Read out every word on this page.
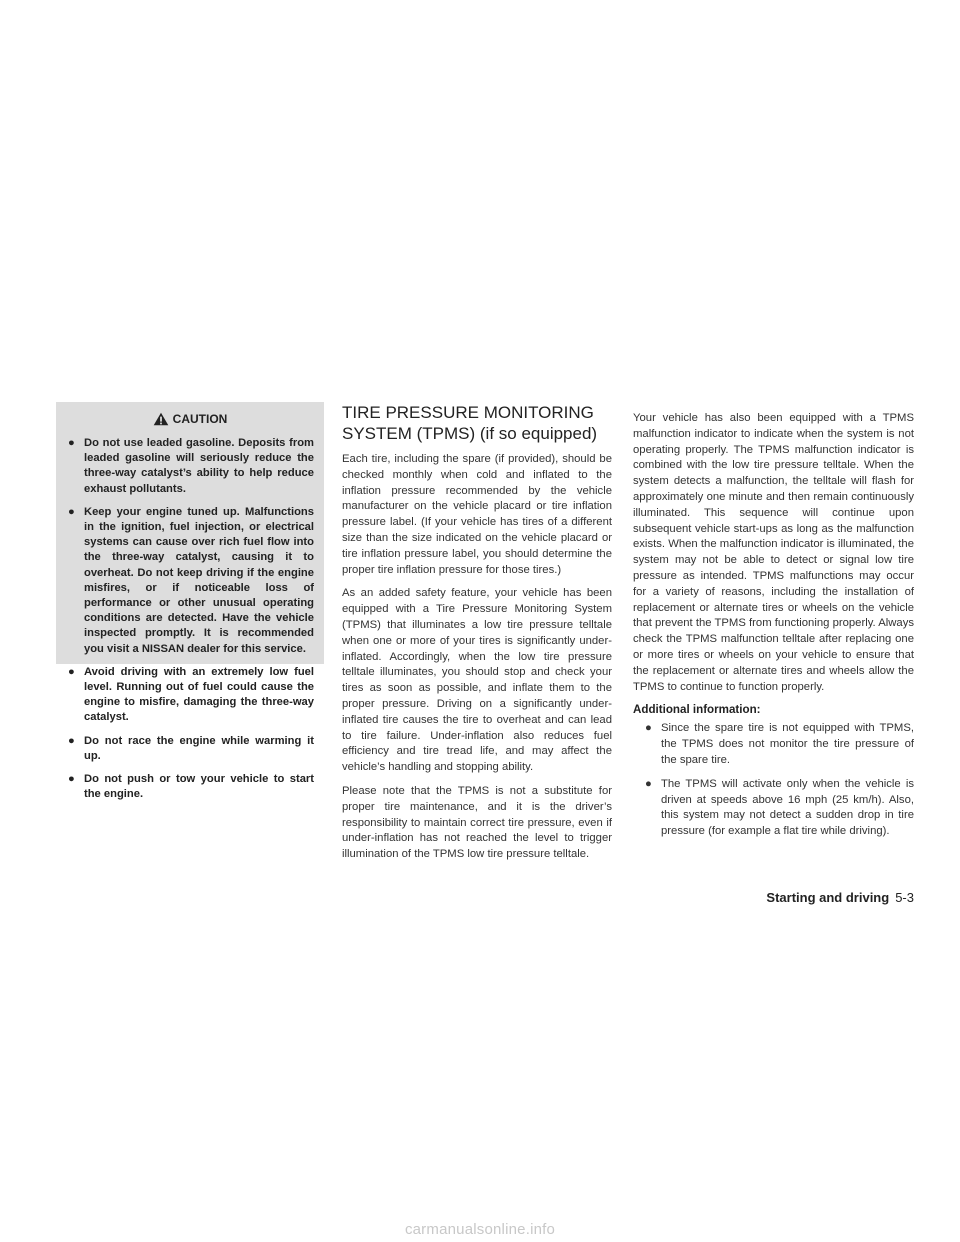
CAUTION
● Do not use leaded gasoline. Deposits from leaded gasoline will seriously reduce the three-way catalyst’s ability to help reduce exhaust pollutants.
● Keep your engine tuned up. Malfunctions in the ignition, fuel injection, or electrical systems can cause over rich fuel flow into the three-way catalyst, causing it to overheat. Do not keep driving if the engine misfires, or if noticeable loss of performance or other unusual operating conditions are detected. Have the vehicle inspected promptly. It is recommended you visit a NISSAN dealer for this service.
● Avoid driving with an extremely low fuel level. Running out of fuel could cause the engine to misfire, damaging the three-way catalyst.
● Do not race the engine while warming it up.
● Do not push or tow your vehicle to start the engine.
TIRE PRESSURE MONITORING SYSTEM (TPMS) (if so equipped)

Each tire, including the spare (if provided), should be checked monthly when cold and inflated to the inflation pressure recommended by the vehicle manufacturer on the vehicle placard or tire inflation pressure label. (If your vehicle has tires of a different size than the size indicated on the vehicle placard or tire inflation pressure label, you should determine the proper tire inflation pressure for those tires.)

As an added safety feature, your vehicle has been equipped with a Tire Pressure Monitoring System (TPMS) that illuminates a low tire pressure telltale when one or more of your tires is significantly under-inflated. Accordingly, when the low tire pressure telltale illuminates, you should stop and check your tires as soon as possible, and inflate them to the proper pressure. Driving on a significantly under-inflated tire causes the tire to overheat and can lead to tire failure. Under-inflation also reduces fuel efficiency and tire tread life, and may affect the vehicle’s handling and stopping ability.

Please note that the TPMS is not a substitute for proper tire maintenance, and it is the driver’s responsibility to maintain correct tire pressure, even if under-inflation has not reached the level to trigger illumination of the TPMS low tire pressure telltale.

Your vehicle has also been equipped with a TPMS malfunction indicator to indicate when the system is not operating properly. The TPMS malfunction indicator is combined with the low tire pressure telltale. When the system detects a malfunction, the telltale will flash for approximately one minute and then remain continuously illuminated. This sequence will continue upon subsequent vehicle start-ups as long as the malfunction exists. When the malfunction indicator is illuminated, the system may not be able to detect or signal low tire pressure as intended. TPMS malfunctions may occur for a variety of reasons, including the installation of replacement or alternate tires or wheels on the vehicle that prevent the TPMS from functioning properly. Always check the TPMS malfunction telltale after replacing one or more tires or wheels on your vehicle to ensure that the replacement or alternate tires and wheels allow the TPMS to continue to function properly.

Additional information:
● Since the spare tire is not equipped with TPMS, the TPMS does not monitor the tire pressure of the spare tire.
● The TPMS will activate only when the vehicle is driven at speeds above 16 mph (25 km/h). Also, this system may not detect a sudden drop in tire pressure (for example a flat tire while driving).
Starting and driving 5-3
carmanualsonline.info
